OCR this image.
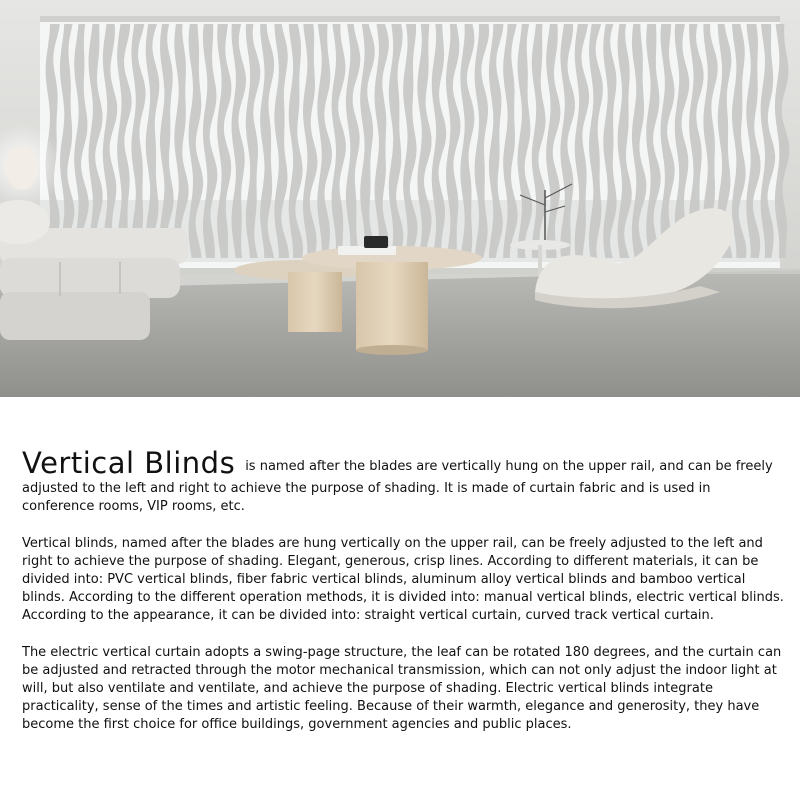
Vertical Blinds is named after the blades are vertically hung on the upper rail, and can be freely adjusted to the left and right to achieve the purpose of shading. It is made of curtain fabric and is used in conference rooms, VIP rooms, etc.

Vertical blinds, named after the blades are hung vertically on the upper rail, can be freely adjusted to the left and right to achieve the purpose of shading. Elegant, generous, crisp lines. According to different materials, it can be divided into: PVC vertical blinds, fiber fabric vertical blinds, aluminum alloy vertical blinds and bamboo vertical blinds. According to the different operation methods, it is divided into: manual vertical blinds, electric vertical blinds. According to the appearance, it can be divided into: straight vertical curtain, curved track vertical curtain.

The electric vertical curtain adopts a swing-page structure, the leaf can be rotated 180 degrees, and the curtain can be adjusted and retracted through the motor mechanical transmission, which can not only adjust the indoor light at will, but also ventilate and ventilate, and achieve the purpose of shading. Electric vertical blinds integrate practicality, sense of the times and artistic feeling. Because of their warmth, elegance and generosity, they have become the first choice for office buildings, government agencies and public places.
